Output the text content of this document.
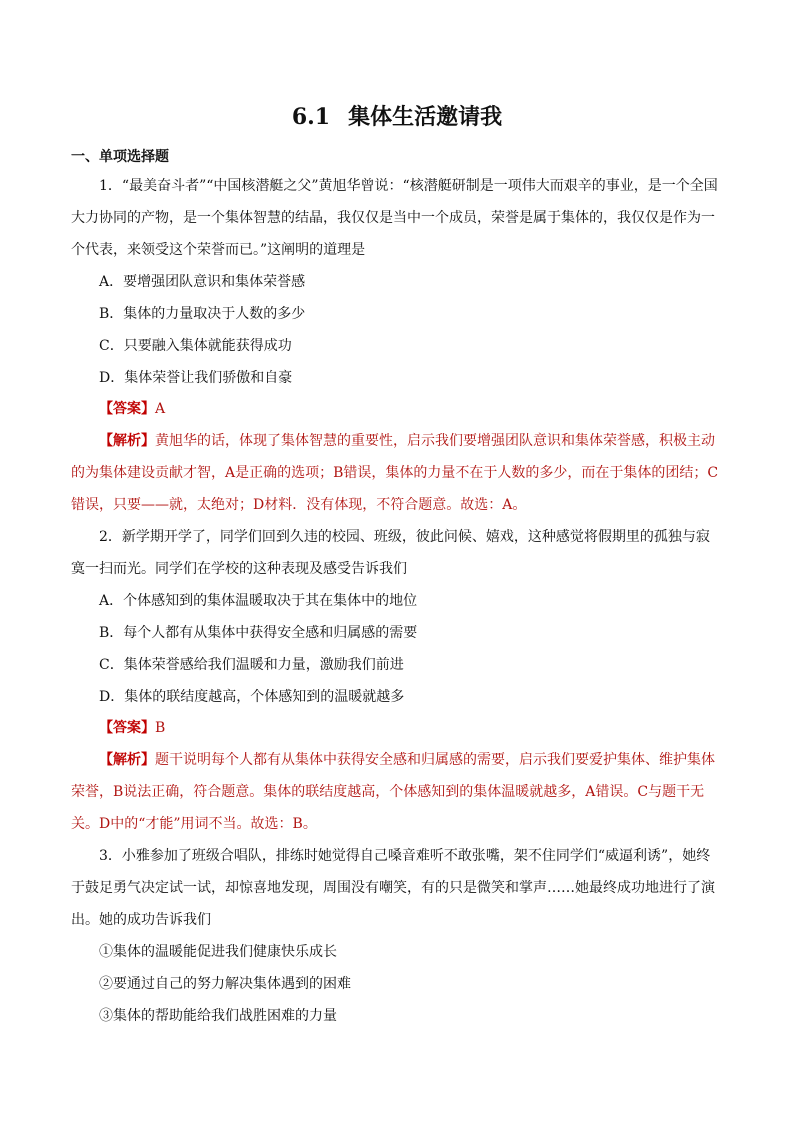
6.1 集体生活邀请我
一、单项选择题
1．“最美奋斗者”“中国核潜艇之父”黄旭华曾说：“核潜艇研制是一项伟大而艰辛的事业，是一个全国大力协同的产物，是一个集体智慧的结晶，我仅仅是当中一个成员，荣誉是属于集体的，我仅仅是作为一个代表，来领受这个荣誉而已。”这阐明的道理是
A．要增强团队意识和集体荣誉感
B．集体的力量取决于人数的多少
C．只要融入集体就能获得成功
D．集体荣誉让我们骄傲和自豪
【答案】A
【解析】黄旭华的话，体现了集体智慧的重要性，启示我们要增强团队意识和集体荣誉感，积极主动的为集体建设贡献才智，A是正确的选项；B错误，集体的力量不在于人数的多少，而在于集体的团结；C错误，只要——就，太绝对；D材料．没有体现，不符合题意。故选：A。
2．新学期开学了，同学们回到久违的校园、班级，彼此问候、嬉戏，这种感觉将假期里的孤独与寂寞一扫而光。同学们在学校的这种表现及感受告诉我们
A．个体感知到的集体温暖取决于其在集体中的地位
B．每个人都有从集体中获得安全感和归属感的需要
C．集体荣誉感给我们温暖和力量，激励我们前进
D．集体的联结度越高，个体感知到的温暖就越多
【答案】B
【解析】题干说明每个人都有从集体中获得安全感和归属感的需要，启示我们要爱护集体、维护集体荣誉，B说法正确，符合题意。集体的联结度越高，个体感知到的集体温暖就越多，A错误。C与题干无关。D中的“才能”用词不当。故选：B。
3．小雅参加了班级合唱队，排练时她觉得自己嗓音难听不敢张嘴，架不住同学们“威逼利诱”，她终于鼓足勇气决定试一试，却惊喜地发现，周围没有嘲笑，有的只是微笑和掌声……她最终成功地进行了演出。她的成功告诉我们
①集体的温暖能促进我们健康快乐成长
②要通过自己的努力解决集体遇到的困难
③集体的帮助能给我们战胜困难的力量
